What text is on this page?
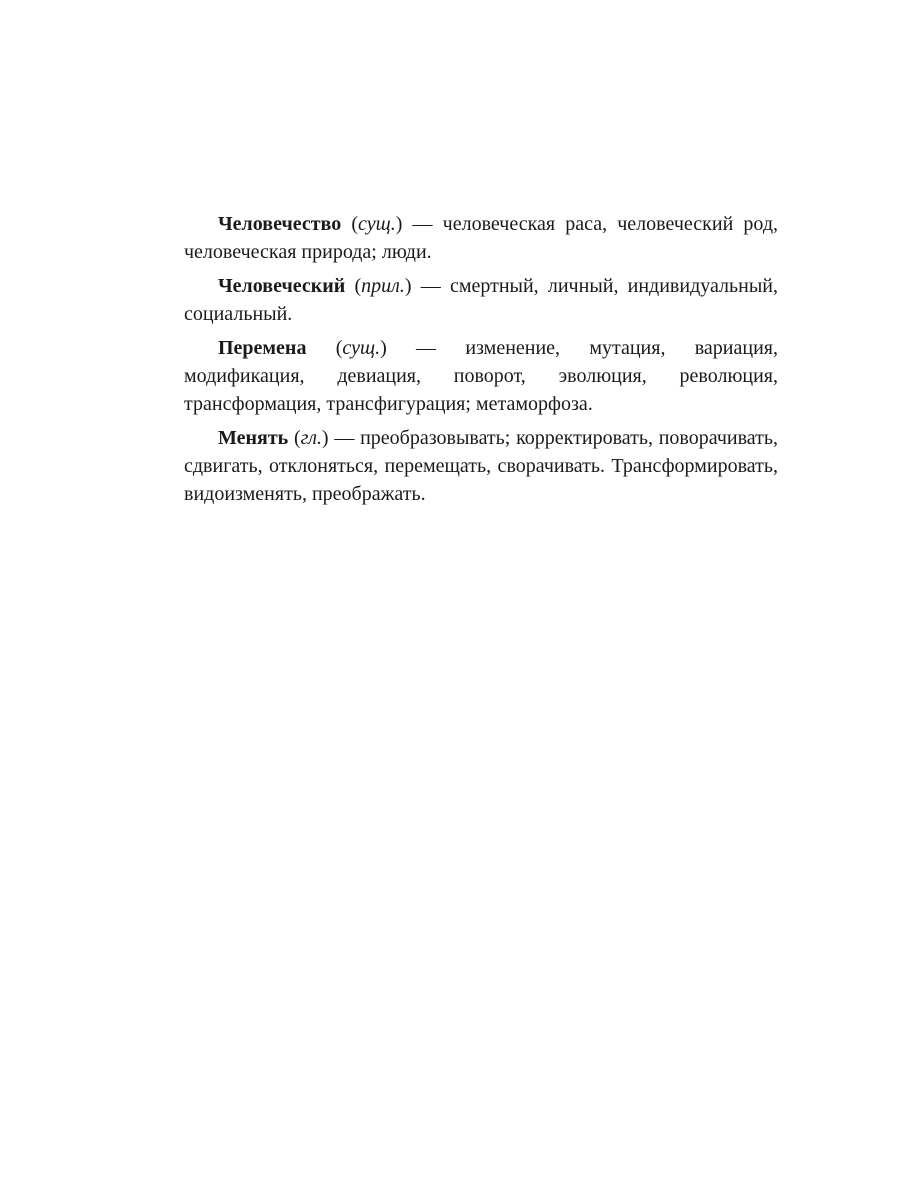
Человечество (сущ.) — человеческая раса, человеческий род, человеческая природа; люди.

Человеческий (прил.) — смертный, личный, индивидуальный, социальный.

Перемена (сущ.) — изменение, мутация, вариация, модификация, девиация, поворот, эволюция, революция, трансформация, трансфигурация; метаморфоза.

Менять (гл.) — преобразовывать; корректировать, поворачивать, сдвигать, отклоняться, перемещать, сворачивать. Трансформировать, видоизменять, преображать.
